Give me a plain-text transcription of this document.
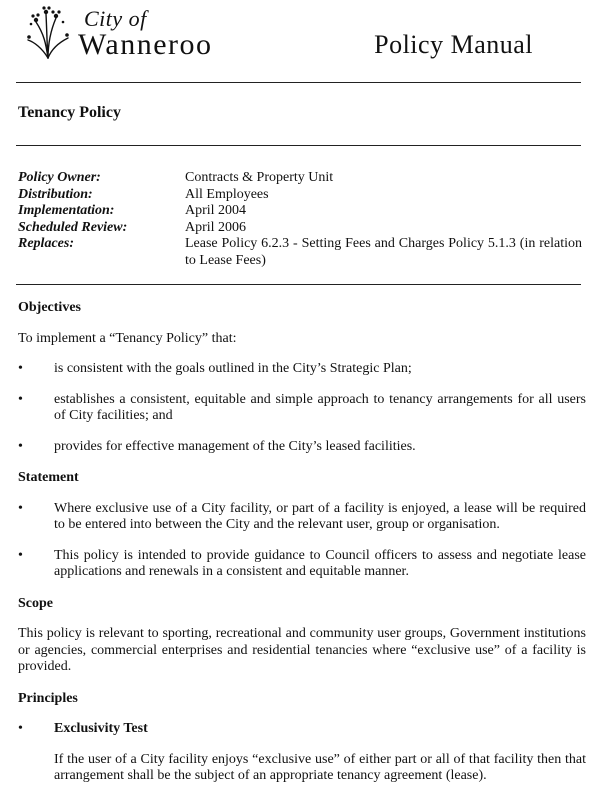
City of
Wanneroo	Policy Manual
Tenancy Policy
Policy Owner:	Contracts & Property Unit
Distribution:	All Employees
Implementation:	April 2004
Scheduled Review:	April 2006
Replaces:	Lease Policy 6.2.3 - Setting Fees and Charges Policy 5.1.3 (in relation to Lease Fees)
Objectives

To implement a “Tenancy Policy” that:

•	is consistent with the goals outlined in the City’s Strategic Plan;
•	establishes a consistent, equitable and simple approach to tenancy arrangements for all users of City facilities; and
•	provides for effective management of the City’s leased facilities.
Statement
•	Where exclusive use of a City facility, or part of a facility is enjoyed, a lease will be required to be entered into between the City and the relevant user, group or organisation.
•	This policy is intended to provide guidance to Council officers to assess and negotiate lease applications and renewals in a consistent and equitable manner.
Scope

This policy is relevant to sporting, recreational and community user groups, Government institutions or agencies, commercial enterprises and residential tenancies where “exclusive use” of a facility is provided.

Principles
•	Exclusivity Test

If the user of a City facility enjoys “exclusive use” of either part or all of that facility then that arrangement shall be the subject of an appropriate tenancy agreement (lease).
